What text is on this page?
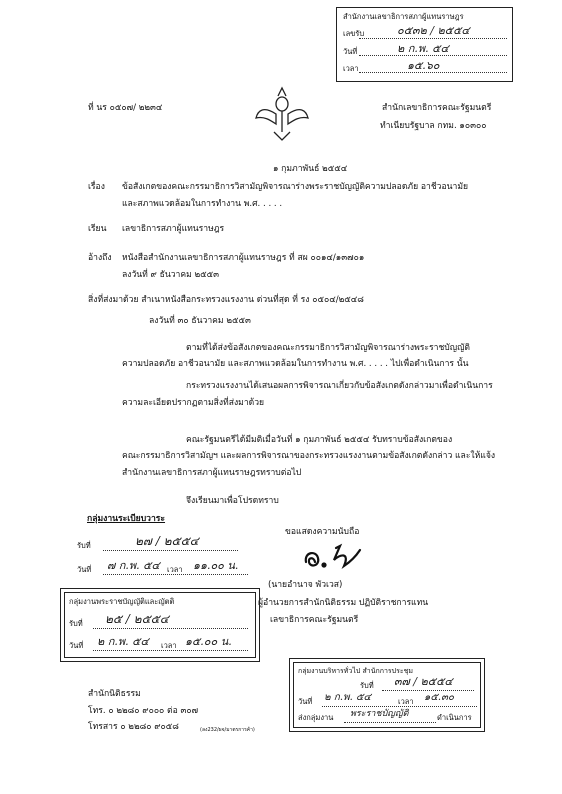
สำนักงานเลขาธิการสภาผู้แทนราษฎร
เลขรับ	๐๕๓๒ / ๒๕๕๔
วันที่	๒ ก.พ. ๕๔
เวลา	๑๕.๖๐
ที่ นร ๐๕๐๗/ ๒๒๓๔	สำนักเลขาธิการคณะรัฐมนตรี
ทำเนียบรัฐบาล กทม. ๑๐๓๐๐
๑ กุมภาพันธ์ ๒๕๕๔
เรื่อง ข้อสังเกตของคณะกรรมาธิการวิสามัญพิจารณาร่างพระราชบัญญัติความปลอดภัย อาชีวอนามัย
และสภาพแวดล้อมในการทำงาน พ.ศ. . . . .
เรียน เลขาธิการสภาผู้แทนราษฎร
อ้างถึง หนังสือสำนักงานเลขาธิการสภาผู้แทนราษฎร ที่ สผ ๐๐๑๔/๑๓๗๐๑
ลงวันที่ ๙ ธันวาคม ๒๕๕๓
สิ่งที่ส่งมาด้วย สำเนาหนังสือกระทรวงแรงงาน ด่วนที่สุด ที่ รง ๐๕๐๔/๒๕๔๘
ลงวันที่ ๓๐ ธันวาคม ๒๕๕๓
ตามที่ได้ส่งข้อสังเกตของคณะกรรมาธิการวิสามัญพิจารณาร่างพระราชบัญญัติ
ความปลอดภัย อาชีวอนามัย และสภาพแวดล้อมในการทำงาน พ.ศ. . . . . ไปเพื่อดำเนินการ นั้น
กระทรวงแรงงานได้เสนอผลการพิจารณาเกี่ยวกับข้อสังเกตดังกล่าวมาเพื่อดำเนินการ
ความละเอียดปรากฏตามสิ่งที่ส่งมาด้วย
คณะรัฐมนตรีได้มีมติเมื่อวันที่ ๑ กุมภาพันธ์ ๒๕๕๔ รับทราบข้อสังเกตของ
คณะกรรมาธิการวิสามัญฯ และผลการพิจารณาของกระทรวงแรงงานตามข้อสังเกตดังกล่าว และให้แจ้ง
สำนักงานเลขาธิการสภาผู้แทนราษฎรทราบต่อไป
จึงเรียนมาเพื่อโปรดทราบ
ขอแสดงความนับถือ
(นายอำนาจ พัวเวส)
ผู้อำนวยการสำนักนิติธรรม ปฏิบัติราชการแทน
เลขาธิการคณะรัฐมนตรี
กลุ่มงานระเบียบวาระ
รับที่	๒๗ / ๒๕๕๔
วันที่ ๗ ก.พ. ๕๔ เวลา ๑๑.๐๐ น.
กลุ่มงานพระราชบัญญัติและญัตติ
รับที่ ๒๕ / ๒๕๕๔
วันที่ ๒ ก.พ. ๕๔ เวลา ๑๕.๐๐ น.
กลุ่มงานบริหารทั่วไป สำนักการประชุม
รับที่ ๓๗ / ๒๕๕๔
วันที่ ๒ ก.พ. ๕๔	เวลา ๑๕.๓๐
ส่งกลุ่มงาน พระราชบัญญัติ	ดำเนินการ
สำนักนิติธรรม
โทร. ๐ ๒๒๘๐ ๙๐๐๐ ต่อ ๓๐๗
โทรสาร ๐ ๒๒๘๐ ๙๐๕๘	(ลง232/ผจ/มาตรการค้า)
